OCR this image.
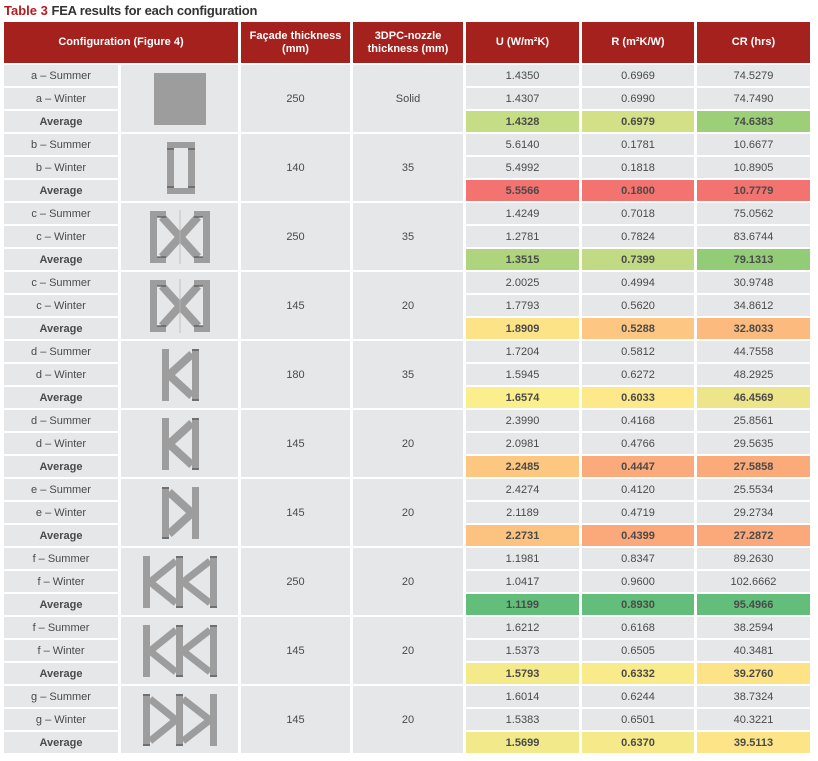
Table 3 FEA results for each configuration
Configuration (Figure 4)		Façade thickness (mm)	3DPC-nozzle thickness (mm)	U (W/m²K)	R (m²K/W)	CR (hrs)
a – Summer		250	Solid	1.4350	0.6969	74.5279
a – Winter				1.4307	0.6990	74.7490
Average				1.4328	0.6979	74.6383
b – Summer		140	35	5.6140	0.1781	10.6677
b – Winter				5.4992	0.1818	10.8905
Average				5.5566	0.1800	10.7779
c – Summer		250	35	1.4249	0.7018	75.0562
c – Winter				1.2781	0.7824	83.6744
Average				1.3515	0.7399	79.1313
c – Summer		145	20	2.0025	0.4994	30.9748
c – Winter				1.7793	0.5620	34.8612
Average				1.8909	0.5288	32.8033
d – Summer		180	35	1.7204	0.5812	44.7558
d – Winter				1.5945	0.6272	48.2925
Average				1.6574	0.6033	46.4569
d – Summer		145	20	2.3990	0.4168	25.8561
d – Winter				2.0981	0.4766	29.5635
Average				2.2485	0.4447	27.5858
e – Summer		145	20	2.4274	0.4120	25.5534
e – Winter				2.1189	0.4719	29.2734
Average				2.2731	0.4399	27.2872
f – Summer		250	20	1.1981	0.8347	89.2630
f – Winter				1.0417	0.9600	102.6662
Average				1.1199	0.8930	95.4966
f – Summer		145	20	1.6212	0.6168	38.2594
f – Winter				1.5373	0.6505	40.3481
Average				1.5793	0.6332	39.2760
g – Summer		145	20	1.6014	0.6244	38.7324
g – Winter				1.5383	0.6501	40.3221
Average				1.5699	0.6370	39.5113
